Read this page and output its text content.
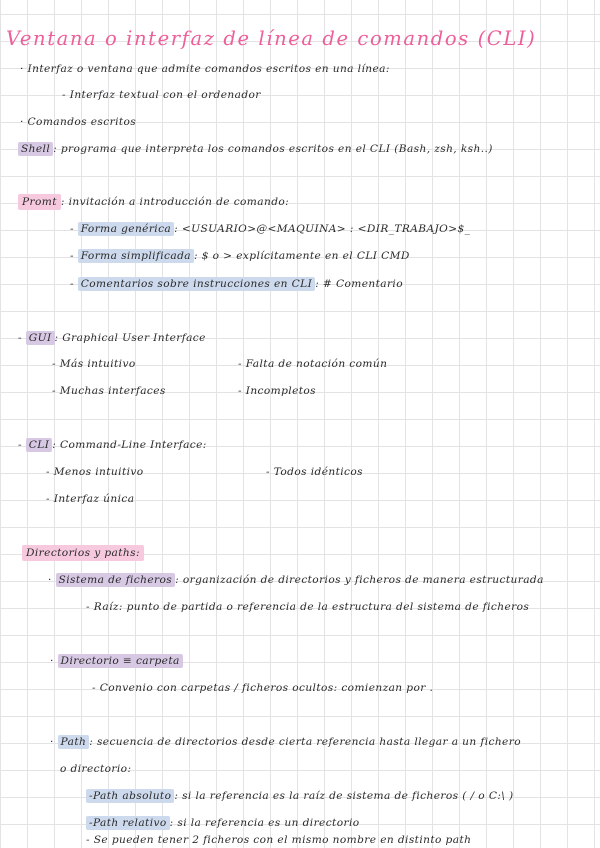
Ventana o interfaz de línea de comandos (CLI)
· Interfaz o ventana que admite comandos escritos en una línea:
- Interfaz textual con el ordenador
· Comandos escritos
Shell : programa que interpreta los comandos escritos en el CLI (Bash, zsh, ksh..)
Promt : invitación a introducción de comando:
- Forma genérica : <USUARIO>@<MAQUINA> : <DIR_TRABAJO>$_
- Forma simplificada : $ o > explícitamente en el CLI CMD
- Comentarios sobre instrucciones en CLI : # Comentario
- GUI : Graphical User Interface
- Más intuitivo
- Muchas interfaces
- Falta de notación común
- Incompletos
- CLI : Command-Line Interface:
- Menos intuitivo
- Interfaz única
- Todos idénticos
Directorios y paths:
· Sistema de ficheros : organización de directorios y ficheros de manera estructurada
- Raíz: punto de partida o referencia de la estructura del sistema de ficheros
· Directorio ≡ carpeta
- Convenio con carpetas / ficheros ocultos: comienzan por .
· Path : secuencia de directorios desde cierta referencia hasta llegar a un fichero
o directorio:
-Path absoluto : si la referencia es la raíz de sistema de ficheros ( / o C:\ )
-Path relativo : si la referencia es un directorio
- Se pueden tener 2 ficheros con el mismo nombre en distinto path
